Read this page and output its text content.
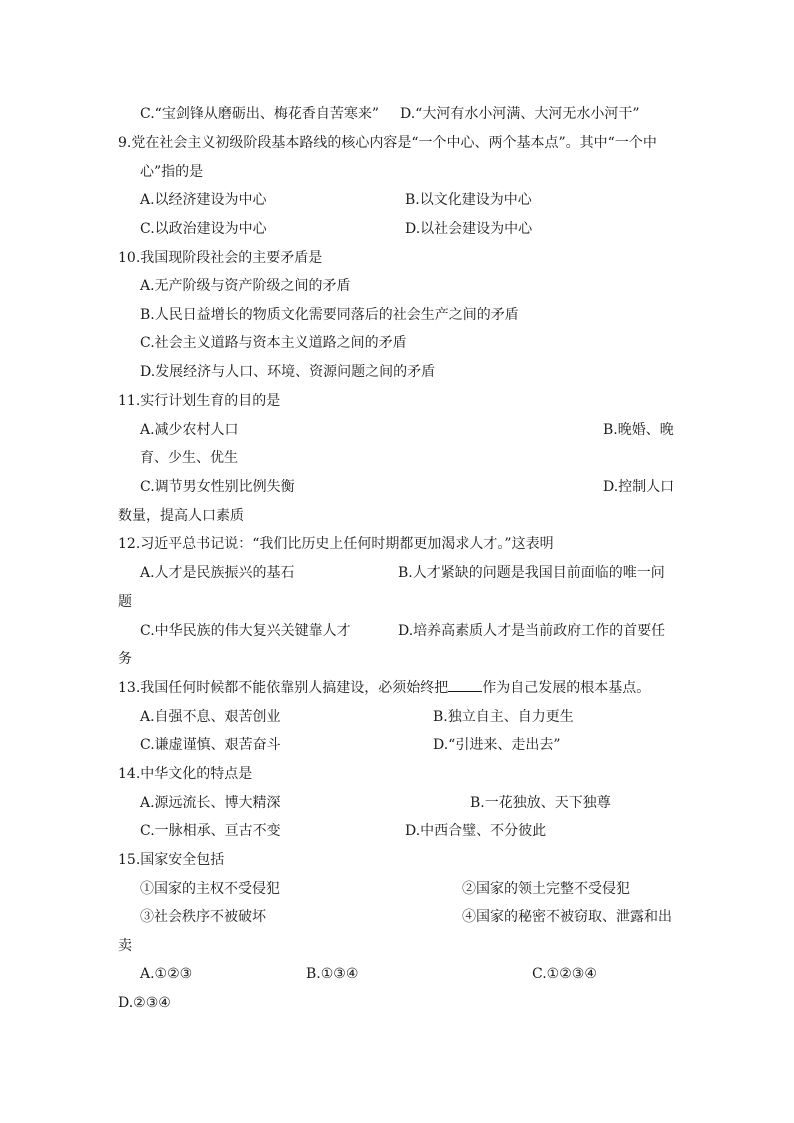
C.“宝剑锋从磨砺出、梅花香自苦寒来” D.“大河有水小河满、大河无水小河干”
9.党在社会主义初级阶段基本路线的核心内容是“一个中心、两个基本点”。其中“一个中
心”指的是
A.以经济建设为中心	B.以文化建设为中心
C.以政治建设为中心	D.以社会建设为中心
10.我国现阶段社会的主要矛盾是
A.无产阶级与资产阶级之间的矛盾
B.人民日益增长的物质文化需要同落后的社会生产之间的矛盾
C.社会主义道路与资本主义道路之间的矛盾
D.发展经济与人口、环境、资源问题之间的矛盾
11.实行计划生育的目的是
A.减少农村人口	B.晚婚、晚
育、少生、优生
C.调节男女性别比例失衡	D.控制人口
数量，提高人口素质
12.习近平总书记说：“我们比历史上任何时期都更加渴求人才。”这表明
A.人才是民族振兴的基石	B.人才紧缺的问题是我国目前面临的唯一问
题
C.中华民族的伟大复兴关键靠人才	D.培养高素质人才是当前政府工作的首要任
务
13.我国任何时候都不能依靠别人搞建设，必须始终把 作为自己发展的根本基点。
A.自强不息、艰苦创业	B.独立自主、自力更生
C.谦虚谨慎、艰苦奋斗	D.“引进来、走出去”
14.中华文化的特点是
A.源远流长、博大精深	B.一花独放、天下独尊
C.一脉相承、亘古不变	D.中西合璧、不分彼此
15.国家安全包括
①国家的主权不受侵犯	②国家的领土完整不受侵犯
③社会秩序不被破坏	④国家的秘密不被窃取、泄露和出
卖
A.①②③	B.①③④	C.①②③④
D.②③④
